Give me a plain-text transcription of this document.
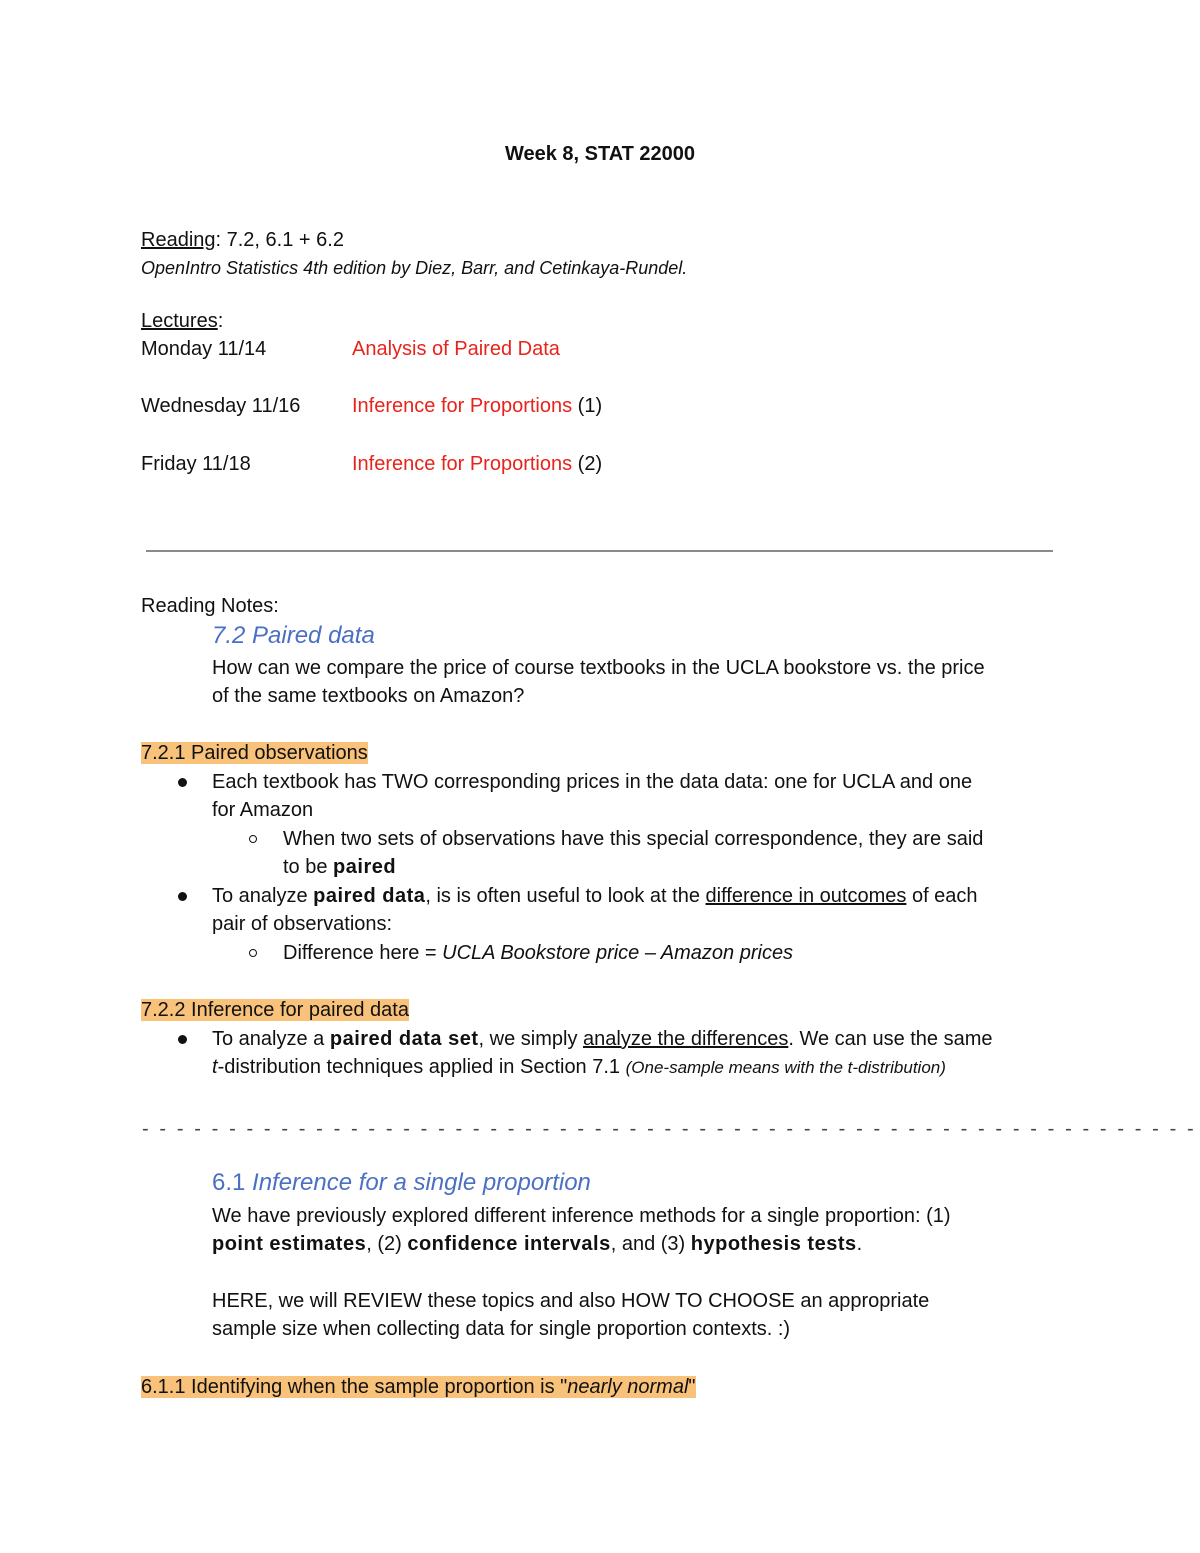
Week 8, STAT 22000
Reading: 7.2, 6.1 + 6.2
OpenIntro Statistics 4th edition by Diez, Barr, and Cetinkaya-Rundel.
Lectures:
Monday 11/14	Analysis of Paired Data
Wednesday 11/16	Inference for Proportions (1)
Friday 11/18	Inference for Proportions (2)
Reading Notes:
7.2 Paired data
How can we compare the price of course textbooks in the UCLA bookstore vs. the price
of the same textbooks on Amazon?
7.2.1 Paired observations
Each textbook has TWO corresponding prices in the data data: one for UCLA and one
for Amazon
When two sets of observations have this special correspondence, they are said
to be paired
To analyze paired data, is is often useful to look at the difference in outcomes of each
pair of observations:
Difference here = UCLA Bookstore price – Amazon prices
7.2.2 Inference for paired data
To analyze a paired data set, we simply analyze the differences. We can use the same
t-distribution techniques applied in Section 7.1 (One-sample means with the t-distribution)
- - - - - - - - - - - - - - - - - - - - - - - - - - - - - - - - - - - - - - - - - - - - - - - - - - - - - - - - - - - - -
6.1 Inference for a single proportion
We have previously explored different inference methods for a single proportion: (1)
point estimates, (2) confidence intervals, and (3) hypothesis tests.
HERE, we will REVIEW these topics and also HOW TO CHOOSE an appropriate
sample size when collecting data for single proportion contexts. :)
6.1.1 Identifying when the sample proportion is "nearly normal"
